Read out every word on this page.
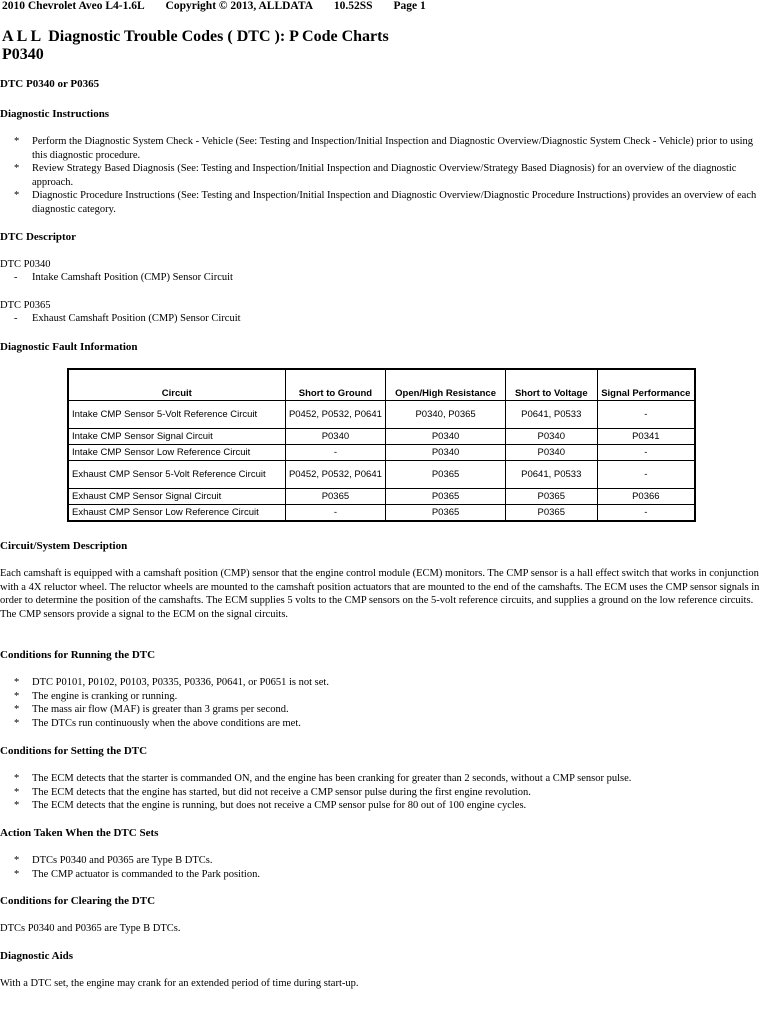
2010 Chevrolet Aveo L4-1.6L Copyright © 2013, ALLDATA 10.52SS Page 1
A L L  Diagnostic Trouble Codes ( DTC ): P Code Charts
P0340
DTC P0340 or P0365
Diagnostic Instructions
* Perform the Diagnostic System Check - Vehicle (See: Testing and Inspection/Initial Inspection and Diagnostic Overview/Diagnostic System Check - Vehicle) prior to using this diagnostic procedure.
* Review Strategy Based Diagnosis (See: Testing and Inspection/Initial Inspection and Diagnostic Overview/Strategy Based Diagnosis) for an overview of the diagnostic approach.
* Diagnostic Procedure Instructions (See: Testing and Inspection/Initial Inspection and Diagnostic Overview/Diagnostic Procedure Instructions) provides an overview of each diagnostic category.
DTC Descriptor
DTC P0340
- Intake Camshaft Position (CMP) Sensor Circuit
DTC P0365
- Exhaust Camshaft Position (CMP) Sensor Circuit
Diagnostic Fault Information
Circuit	Short to Ground	Open/High Resistance	Short to Voltage	Signal Performance
Intake CMP Sensor 5-Volt Reference Circuit	P0452, P0532, P0641	P0340, P0365	P0641, P0533	-
Intake CMP Sensor Signal Circuit	P0340	P0340	P0340	P0341
Intake CMP Sensor Low Reference Circuit	-	P0340	P0340	-
Exhaust CMP Sensor 5-Volt Reference Circuit	P0452, P0532, P0641	P0365	P0641, P0533	-
Exhaust CMP Sensor Signal Circuit	P0365	P0365	P0365	P0366
Exhaust CMP Sensor Low Reference Circuit	-	P0365	P0365	-
Circuit/System Description
Each camshaft is equipped with a camshaft position (CMP) sensor that the engine control module (ECM) monitors. The CMP sensor is a hall effect switch that works in conjunction with a 4X reluctor wheel. The reluctor wheels are mounted to the camshaft position actuators that are mounted to the end of the camshafts. The ECM uses the CMP sensor signals in order to determine the position of the camshafts. The ECM supplies 5 volts to the CMP sensors on the 5-volt reference circuits, and supplies a ground on the low reference circuits. The CMP sensors provide a signal to the ECM on the signal circuits.
Conditions for Running the DTC
* DTC P0101, P0102, P0103, P0335, P0336, P0641, or P0651 is not set.
* The engine is cranking or running.
* The mass air flow (MAF) is greater than 3 grams per second.
* The DTCs run continuously when the above conditions are met.
Conditions for Setting the DTC
* The ECM detects that the starter is commanded ON, and the engine has been cranking for greater than 2 seconds, without a CMP sensor pulse.
* The ECM detects that the engine has started, but did not receive a CMP sensor pulse during the first engine revolution.
* The ECM detects that the engine is running, but does not receive a CMP sensor pulse for 80 out of 100 engine cycles.
Action Taken When the DTC Sets
* DTCs P0340 and P0365 are Type B DTCs.
* The CMP actuator is commanded to the Park position.
Conditions for Clearing the DTC
DTCs P0340 and P0365 are Type B DTCs.
Diagnostic Aids
With a DTC set, the engine may crank for an extended period of time during start-up.
